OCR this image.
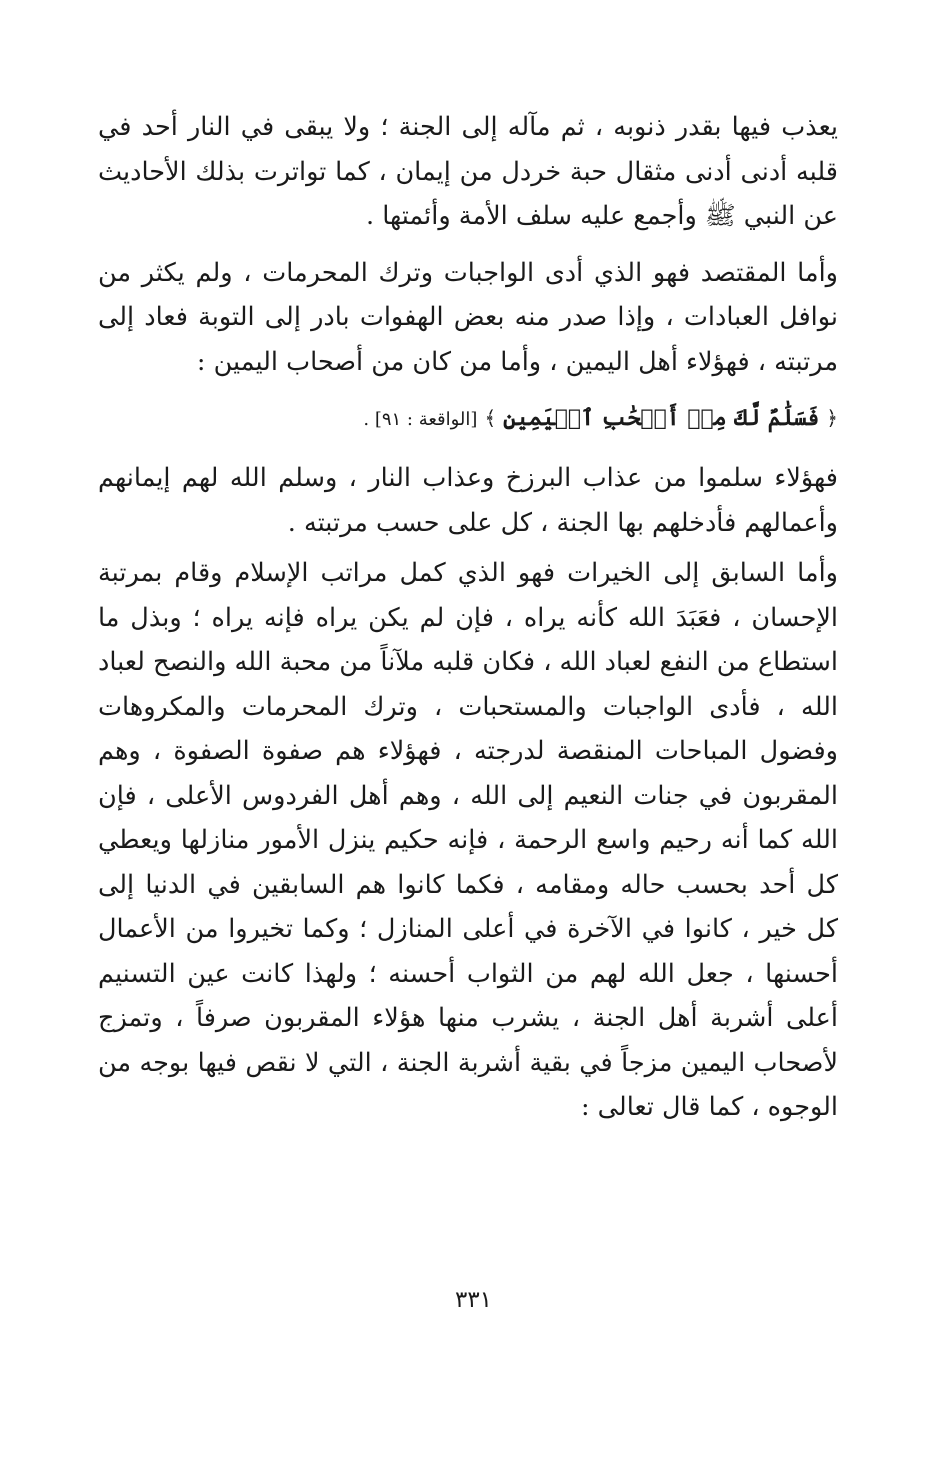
يعذب فيها بقدر ذنوبه ، ثم مآله إلى الجنة ؛ ولا يبقى في النار أحد في قلبه أدنى أدنى مثقال حبة خردل من إيمان ، كما تواترت بذلك الأحاديث عن النبي ﷺ وأجمع عليه سلف الأمة وأئمتها .

وأما المقتصد فهو الذي أدى الواجبات وترك المحرمات ، ولم يكثر من نوافل العبادات ، وإذا صدر منه بعض الهفوات بادر إلى التوبة فعاد إلى مرتبته ، فهؤلاء أهل اليمين ، وأما من كان من أصحاب اليمين :

﴿ فَسَلَٰمٌ لَّكَ مِنۡ أَصۡحَٰبِ ٱلۡيَمِينِ ﴾ [الواقعة : ٩١] .

فهؤلاء سلموا من عذاب البرزخ وعذاب النار ، وسلم الله لهم إيمانهم وأعمالهم فأدخلهم بها الجنة ، كل على حسب مرتبته .

وأما السابق إلى الخيرات فهو الذي كمل مراتب الإسلام وقام بمرتبة الإحسان ، فعَبَدَ الله كأنه يراه ، فإن لم يكن يراه فإنه يراه ؛ وبذل ما استطاع من النفع لعباد الله ، فكان قلبه ملآناً من محبة الله والنصح لعباد الله ، فأدى الواجبات والمستحبات ، وترك المحرمات والمكروهات وفضول المباحات المنقصة لدرجته ، فهؤلاء هم صفوة الصفوة ، وهم المقربون في جنات النعيم إلى الله ، وهم أهل الفردوس الأعلى ، فإن الله كما أنه رحيم واسع الرحمة ، فإنه حكيم ينزل الأمور منازلها ويعطي كل أحد بحسب حاله ومقامه ، فكما كانوا هم السابقين في الدنيا إلى كل خير ، كانوا في الآخرة في أعلى المنازل ؛ وكما تخيروا من الأعمال أحسنها ، جعل الله لهم من الثواب أحسنه ؛ ولهذا كانت عين التسنيم أعلى أشربة أهل الجنة ، يشرب منها هؤلاء المقربون صرفاً ، وتمزج لأصحاب اليمين مزجاً في بقية أشربة الجنة ، التي لا نقص فيها بوجه من الوجوه ، كما قال تعالى :

٣٣١
